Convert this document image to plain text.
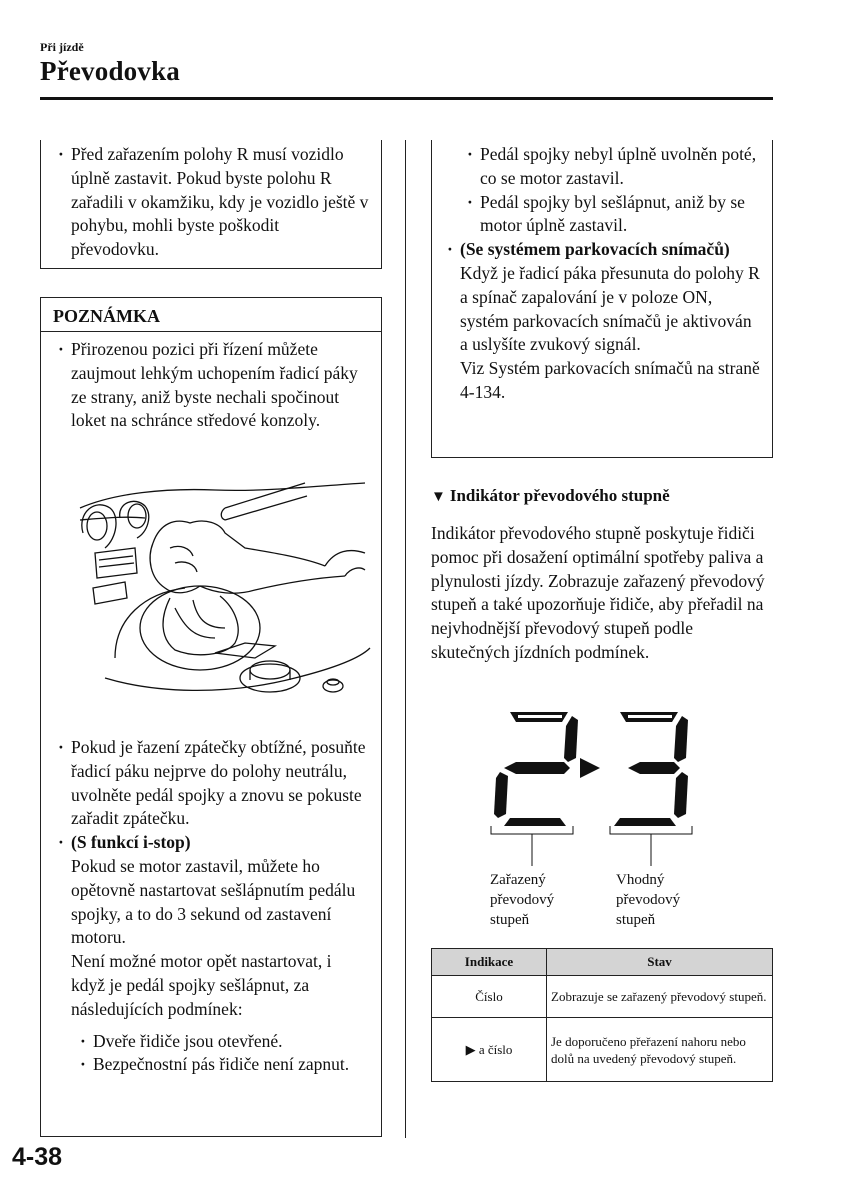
Při jízdě
Převodovka
· Před zařazením polohy R musí vozidlo úplně zastavit. Pokud byste polohu R zařadili v okamžiku, kdy je vozidlo ještě v pohybu, mohli byste poškodit převodovku.
POZNÁMKA
· Přirozenou pozici při řízení můžete zaujmout lehkým uchopením řadicí páky ze strany, aniž byste nechali spočinout loket na schránce středové konzoly.
· Pokud je řazení zpátečky obtížné, posuňte řadicí páku nejprve do polohy neutrálu, uvolněte pedál spojky a znovu se pokuste zařadit zpátečku.
· (S funkcí i-stop)
Pokud se motor zastavil, můžete ho opětovně nastartovat sešlápnutím pedálu spojky, a to do 3 sekund od zastavení motoru.
Není možné motor opět nastartovat, i když je pedál spojky sešlápnut, za následujících podmínek:
· Dveře řidiče jsou otevřené.
· Bezpečnostní pás řidiče není zapnut.
· Pedál spojky nebyl úplně uvolněn poté, co se motor zastavil.
· Pedál spojky byl sešlápnut, aniž by se motor úplně zastavil.
· (Se systémem parkovacích snímačů)
Když je řadicí páka přesunuta do polohy R a spínač zapalování je v poloze ON, systém parkovacích snímačů je aktivován a uslyšíte zvukový signál.
Viz Systém parkovacích snímačů na straně 4-134.
▼ Indikátor převodového stupně
Indikátor převodového stupně poskytuje řidiči pomoc při dosažení optimální spotřeby paliva a plynulosti jízdy. Zobrazuje zařazený převodový stupeň a také upozorňuje řidiče, aby přeřadil na nejvhodnější převodový stupeň podle skutečných jízdních podmínek.
Zařazený převodový stupeň
Vhodný převodový stupeň
Indikace	Stav
Číslo	Zobrazuje se zařazený převodový stupeň.
▶ a číslo	Je doporučeno přeřazení nahoru nebo dolů na uvedený převodový stupeň.
4-38
